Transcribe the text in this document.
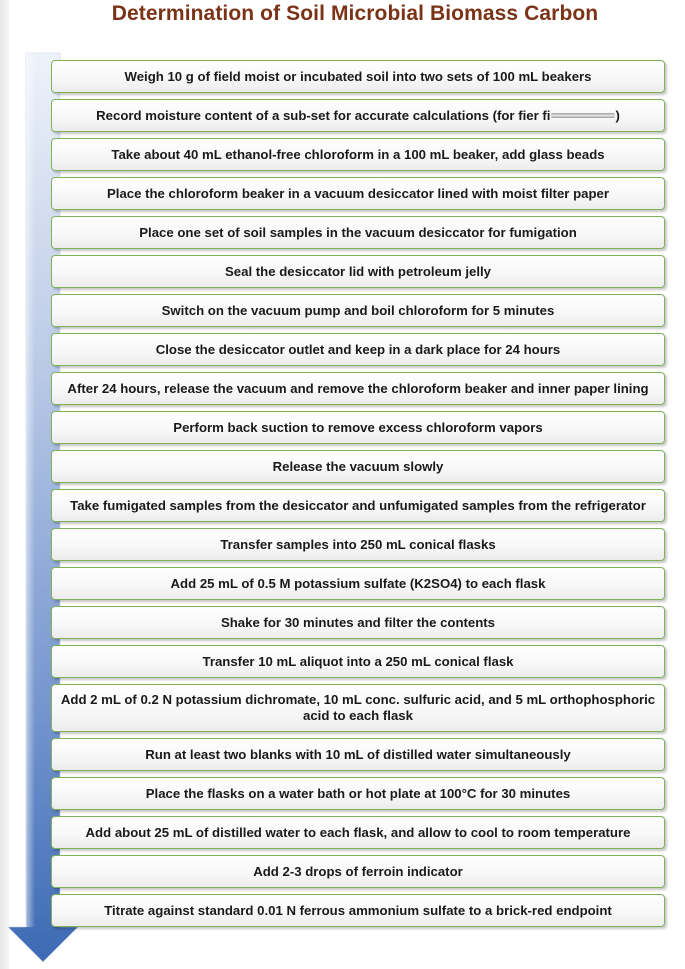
Determination of Soil Microbial Biomass Carbon
Weigh 10 g of field moist or incubated soil into two sets of 100 mL beakers
Record moisture content of a sub-set for accurate calculations (for fier fi	)
Take about 40 mL ethanol-free chloroform in a 100 mL beaker, add glass beads
Place the chloroform beaker in a vacuum desiccator lined with moist filter paper
Place one set of soil samples in the vacuum desiccator for fumigation
Seal the desiccator lid with petroleum jelly
Switch on the vacuum pump and boil chloroform for 5 minutes
Close the desiccator outlet and keep in a dark place for 24 hours
After 24 hours, release the vacuum and remove the chloroform beaker and inner paper lining
Perform back suction to remove excess chloroform vapors
Release the vacuum slowly
Take fumigated samples from the desiccator and unfumigated samples from the refrigerator
Transfer samples into 250 mL conical flasks
Add 25 mL of 0.5 M potassium sulfate (K2SO4) to each flask
Shake for 30 minutes and filter the contents
Transfer 10 mL aliquot into a 250 mL conical flask
Add 2 mL of 0.2 N potassium dichromate, 10 mL conc. sulfuric acid, and 5 mL orthophosphoric acid to each flask
Run at least two blanks with 10 mL of distilled water simultaneously
Place the flasks on a water bath or hot plate at 100°C for 30 minutes
Add about 25 mL of distilled water to each flask, and allow to cool to room temperature
Add 2-3 drops of ferroin indicator
Titrate against standard 0.01 N ferrous ammonium sulfate to a brick-red endpoint
